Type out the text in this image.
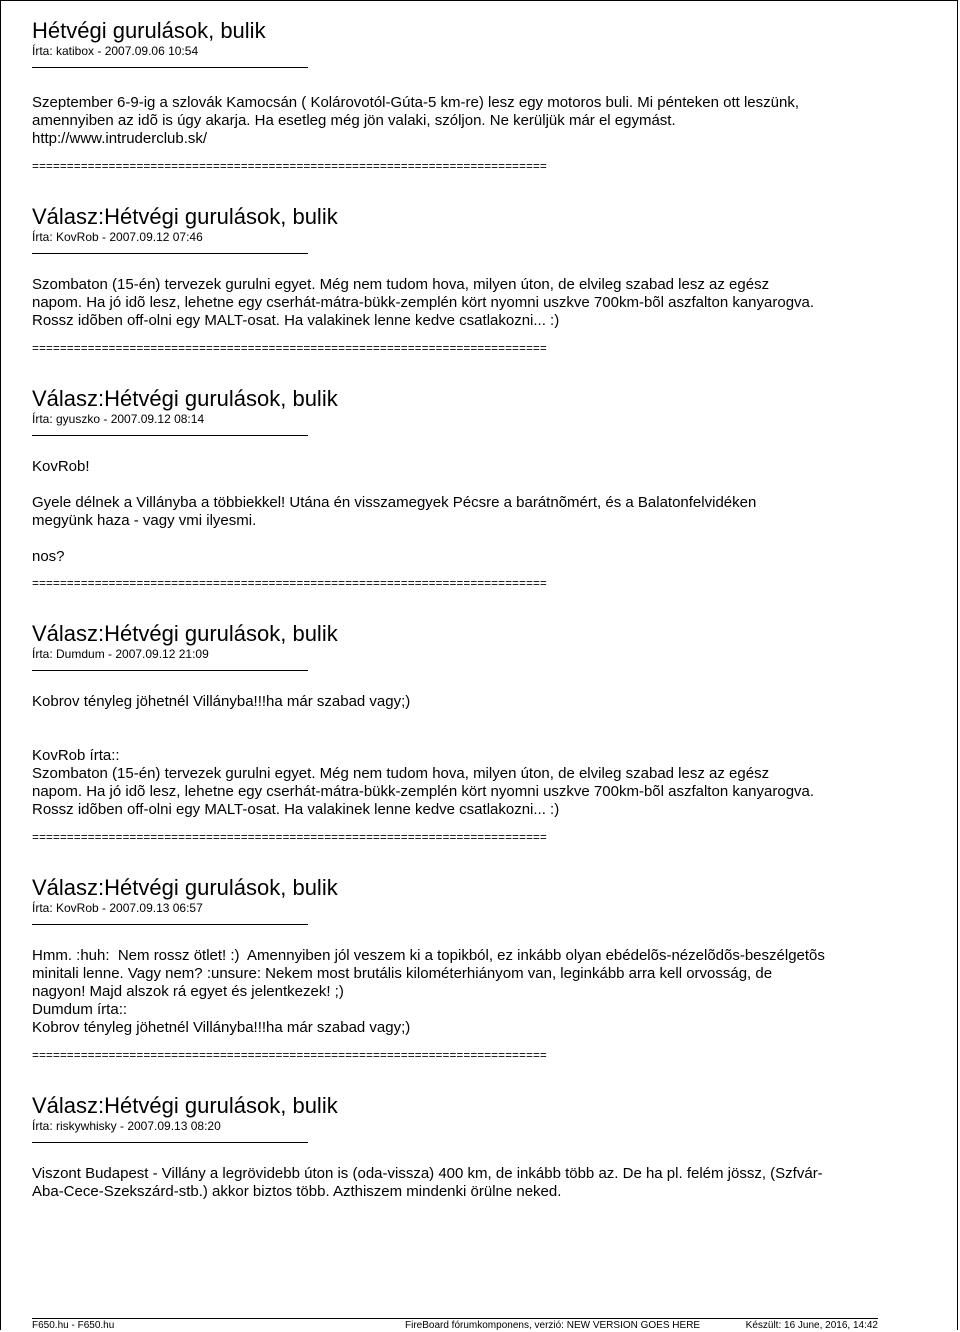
Hétvégi gurulások, bulik
Írta: katibox - 2007.09.06 10:54

Szeptember 6-9-ig a szlovák Kamocsán ( Kolárovotól-Gúta-5 km-re) lesz egy motoros buli. Mi pénteken ott leszünk,

amennyiben az idõ is úgy akarja. Ha esetleg még jön valaki, szóljon. Ne kerüljük már el egymást.

http://www.intruderclub.sk/

==========================================================================
Válasz:Hétvégi gurulások, bulik
Írta: KovRob - 2007.09.12 07:46

Szombaton (15-én) tervezek gurulni egyet. Még nem tudom hova, milyen úton, de elvileg szabad lesz az egész

napom. Ha jó idõ lesz, lehetne egy cserhát-mátra-bükk-zemplén kört nyomni uszkve 700km-bõl aszfalton kanyarogva.

Rossz idõben off-olni egy MALT-osat. Ha valakinek lenne kedve csatlakozni... :)

==========================================================================
Válasz:Hétvégi gurulások, bulik
Írta: gyuszko - 2007.09.12 08:14

KovRob!

Gyele délnek a Villányba a többiekkel! Utána én visszamegyek Pécsre a barátnõmért, és a Balatonfelvidéken

megyünk haza - vagy vmi ilyesmi.

nos?

==========================================================================
Válasz:Hétvégi gurulások, bulik
Írta: Dumdum - 2007.09.12 21:09

Kobrov tényleg jöhetnél Villányba!!!ha már szabad vagy;)

KovRob írta::

Szombaton (15-én) tervezek gurulni egyet. Még nem tudom hova, milyen úton, de elvileg szabad lesz az egész

napom. Ha jó idõ lesz, lehetne egy cserhát-mátra-bükk-zemplén kört nyomni uszkve 700km-bõl aszfalton kanyarogva.

Rossz idõben off-olni egy MALT-osat. Ha valakinek lenne kedve csatlakozni... :)

==========================================================================
Válasz:Hétvégi gurulások, bulik
Írta: KovRob - 2007.09.13 06:57

Hmm. :huh:  Nem rossz ötlet! :)  Amennyiben jól veszem ki a topikból, ez inkább olyan ebédelõs-nézelõdõs-beszélgetõs

minitali lenne. Vagy nem? :unsure: Nekem most brutális kilométerhiányom van, leginkább arra kell orvosság, de

nagyon! Majd alszok rá egyet és jelentkezek! ;)

Dumdum írta::

Kobrov tényleg jöhetnél Villányba!!!ha már szabad vagy;)

==========================================================================
Válasz:Hétvégi gurulások, bulik
Írta: riskywhisky - 2007.09.13 08:20

Viszont Budapest - Villány a legrövidebb úton is (oda-vissza) 400 km, de inkább több az. De ha pl. felém jössz, (Szfvár-

Aba-Cece-Szekszárd-stb.) akkor biztos több. Azthiszem mindenki örülne neked.

F650.hu - F650.hu	FireBoard fórumkomponens, verzió: NEW VERSION GOES HERE	Készült: 16 June, 2016, 14:42
